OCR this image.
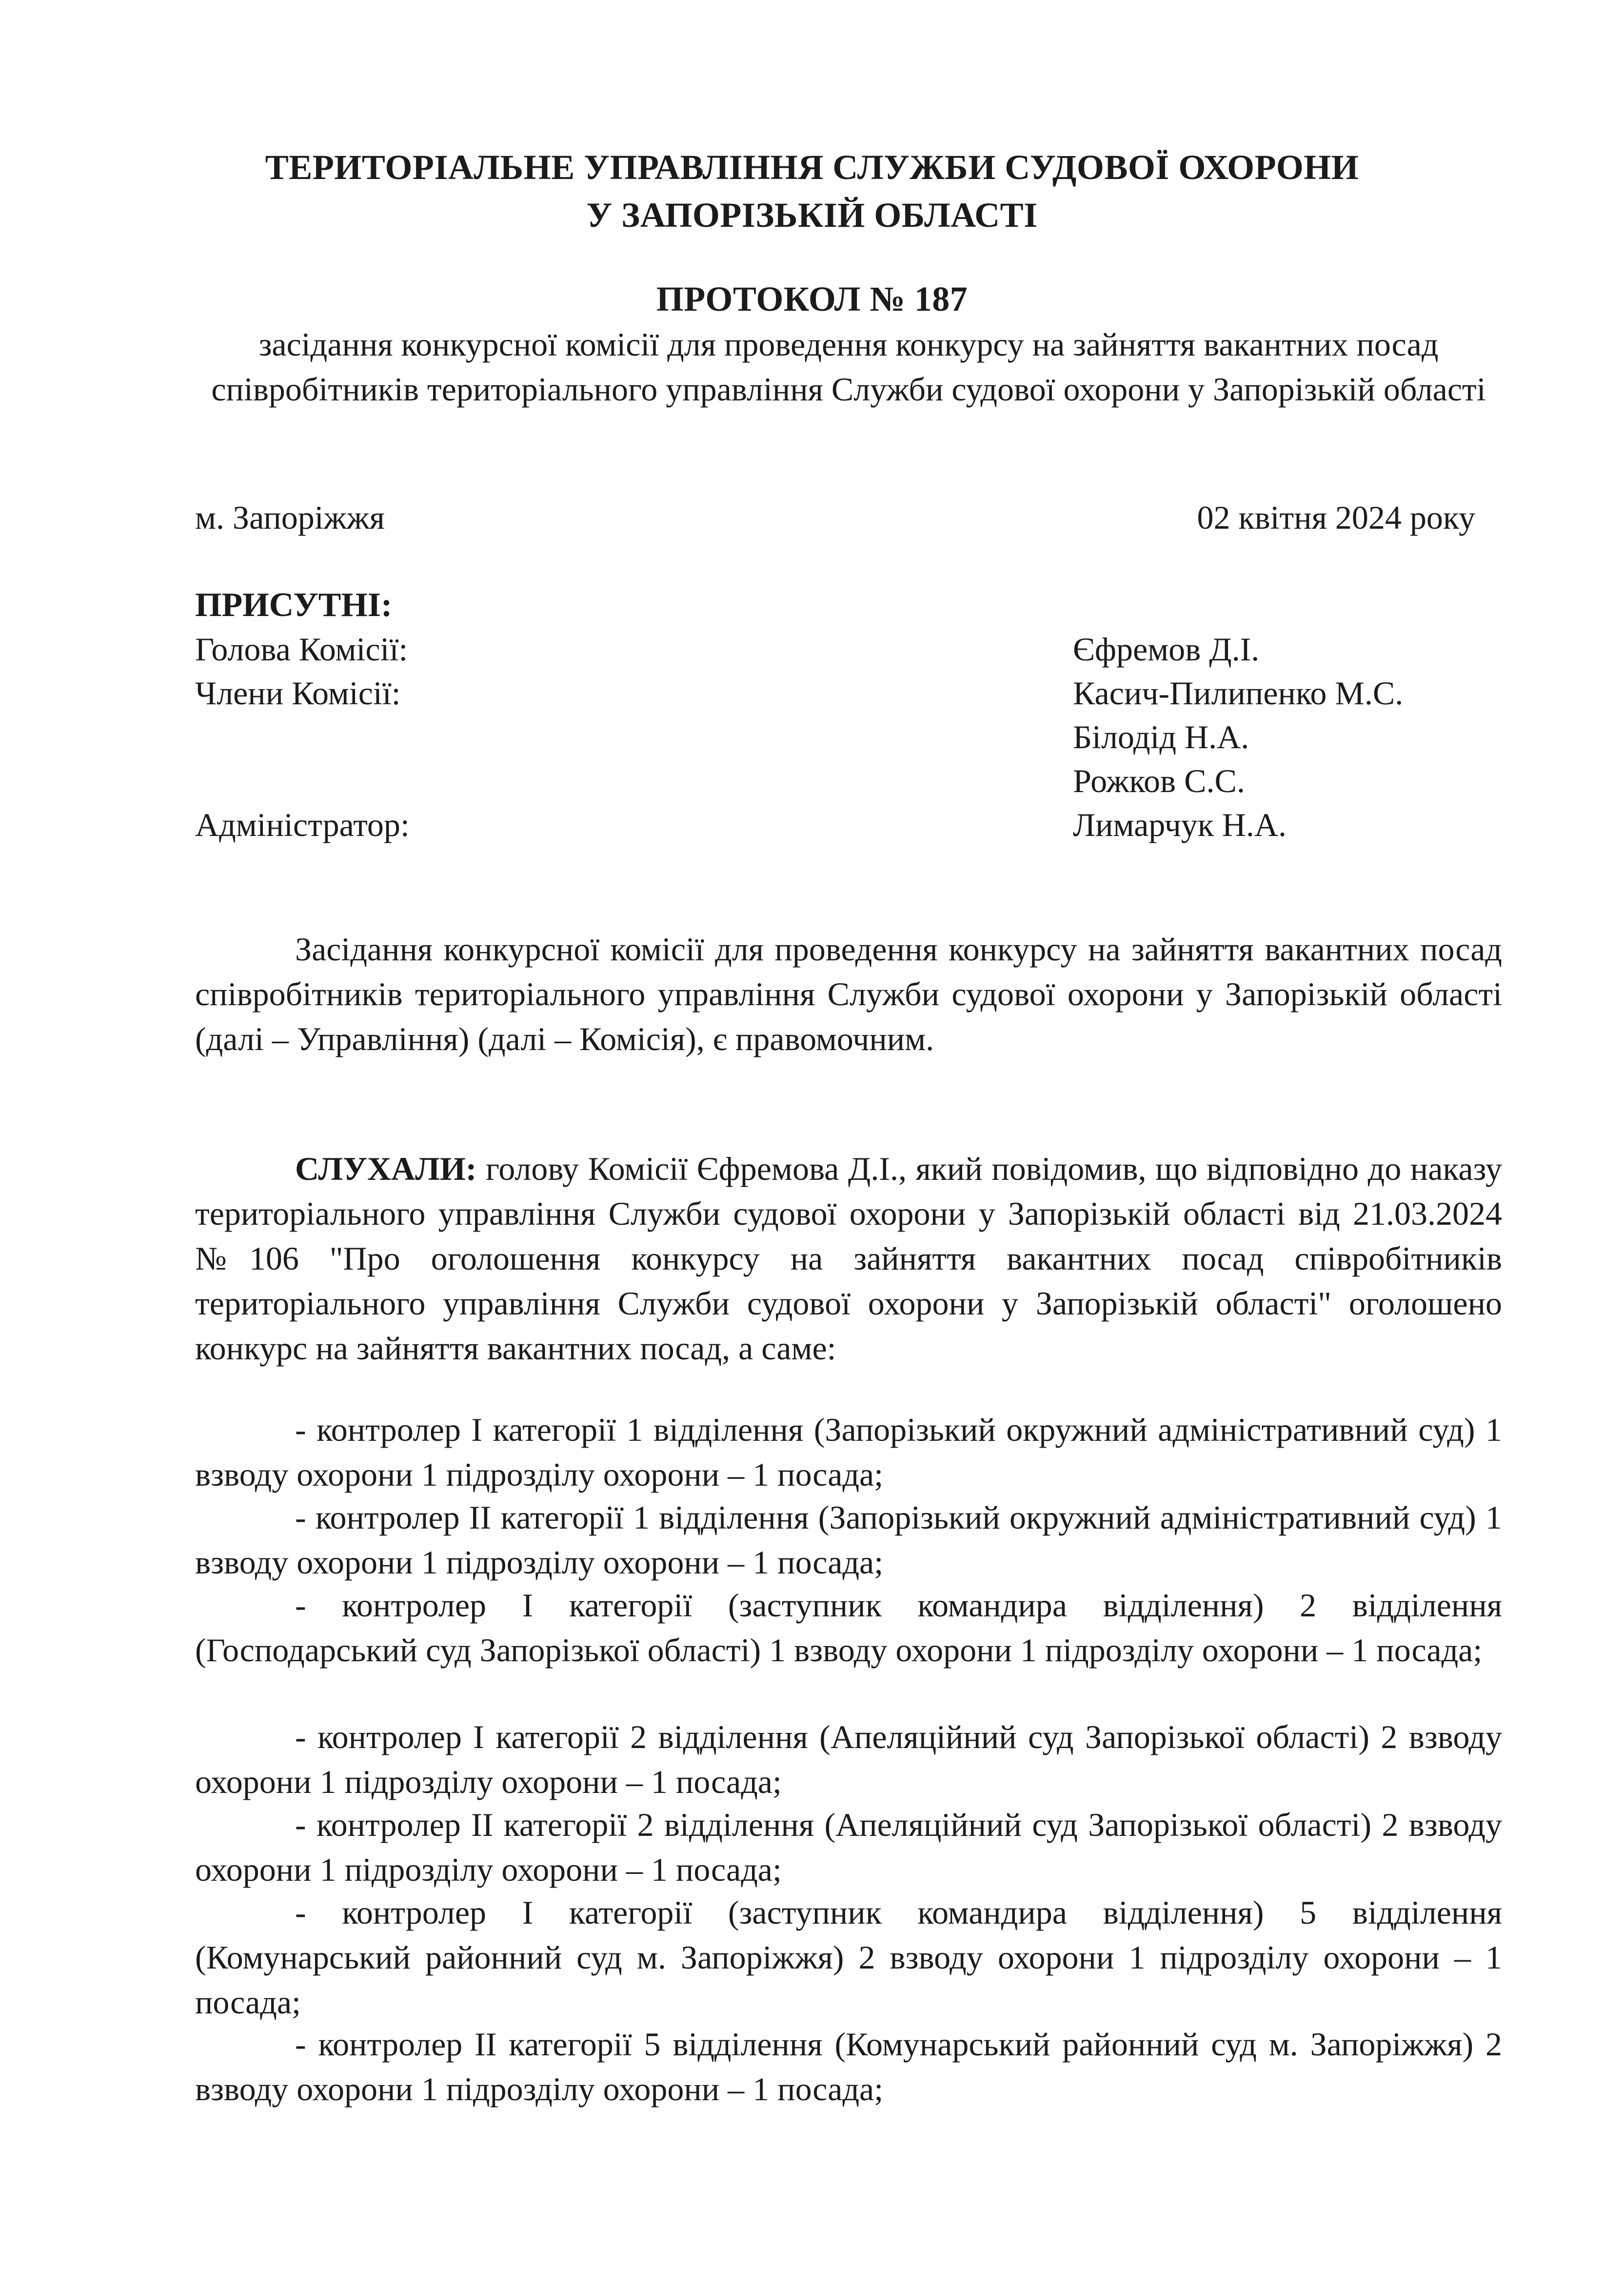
ТЕРИТОРІАЛЬНЕ УПРАВЛІННЯ СЛУЖБИ СУДОВОЇ ОХОРОНИ
У ЗАПОРІЗЬКІЙ ОБЛАСТІ
ПРОТОКОЛ № 187
засідання конкурсної комісії для проведення конкурсу на зайняття вакантних посад співробітників територіального управління Служби судової охорони у Запорізькій області
м. Запоріжжя	02 квітня 2024 року
ПРИСУТНІ:
Голова Комісії:	Єфремов Д.І.
Члени Комісії:	Касич-Пилипенко М.С.
Білодід Н.А.
Рожков С.С.
Адміністратор:	Лимарчук Н.А.
Засідання конкурсної комісії для проведення конкурсу на зайняття вакантних посад співробітників територіального управління Служби судової охорони у Запорізькій області (далі – Управління) (далі – Комісія), є правомочним.
СЛУХАЛИ: голову Комісії Єфремова Д.І., який повідомив, що відповідно до наказу територіального управління Служби судової охорони у Запорізькій області від 21.03.2024 №106 "Про оголошення конкурсу на зайняття вакантних посад співробітників територіального управління Служби судової охорони у Запорізькій області" оголошено конкурс на зайняття вакантних посад, а саме:
- контролер І категорії 1 відділення (Запорізький окружний адміністративний суд) 1 взводу охорони 1 підрозділу охорони – 1 посада;
- контролер ІІ категорії 1 відділення (Запорізький окружний адміністративний суд) 1 взводу охорони 1 підрозділу охорони – 1 посада;
- контролер І категорії (заступник командира відділення) 2 відділення (Господарський суд Запорізької області) 1 взводу охорони 1 підрозділу охорони – 1 посада;
- контролер І категорії 2 відділення (Апеляційний суд Запорізької області) 2 взводу охорони 1 підрозділу охорони – 1 посада;
- контролер ІІ категорії 2 відділення (Апеляційний суд Запорізької області) 2 взводу охорони 1 підрозділу охорони – 1 посада;
- контролер І категорії (заступник командира відділення) 5 відділення (Комунарський районний суд м. Запоріжжя) 2 взводу охорони 1 підрозділу охорони – 1 посада;
- контролер ІІ категорії 5 відділення (Комунарський районний суд м. Запоріжжя) 2 взводу охорони 1 підрозділу охорони – 1 посада;
